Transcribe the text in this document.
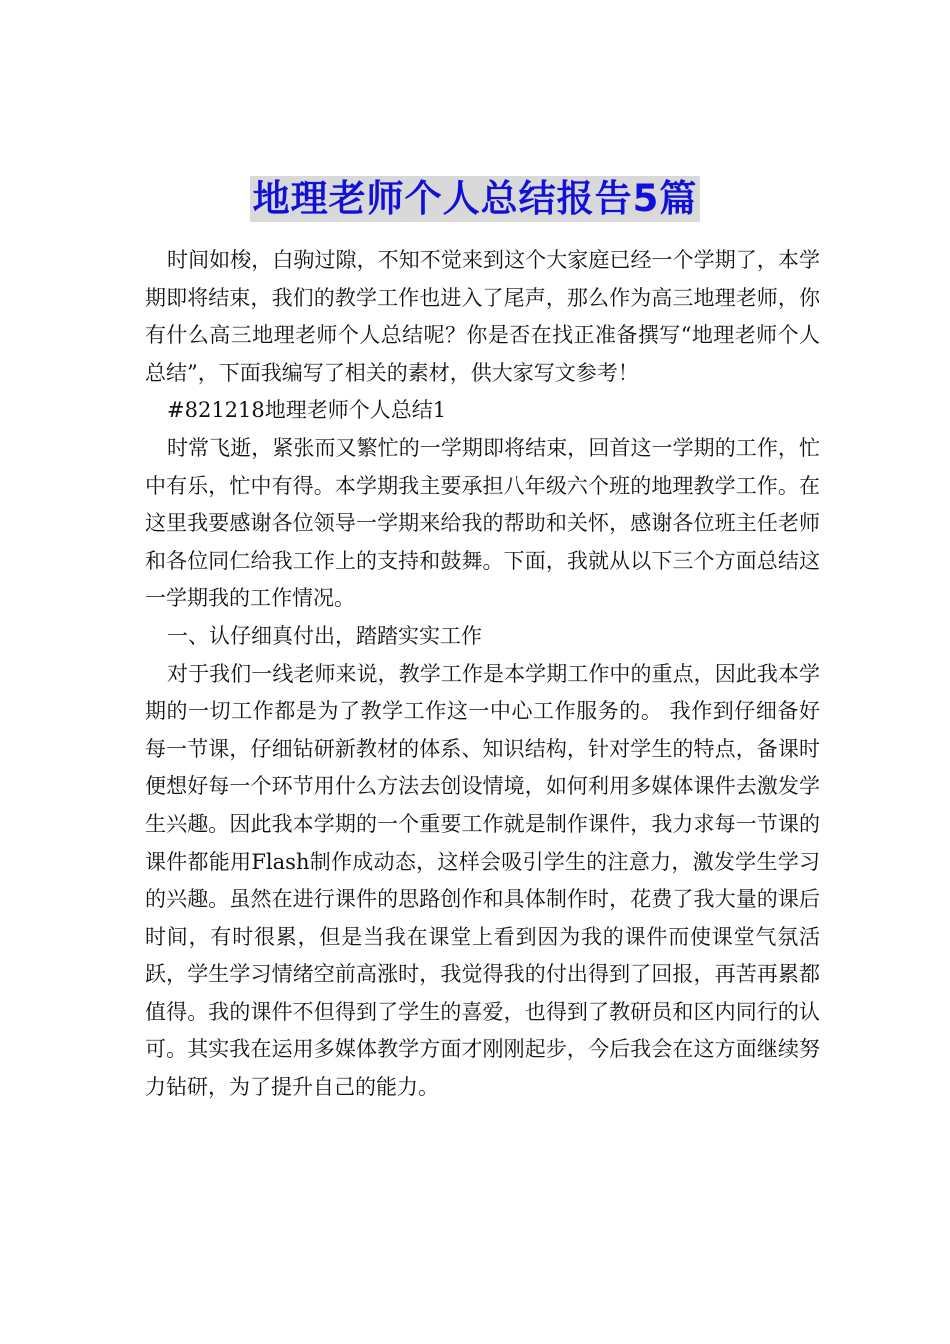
地理老师个人总结报告5篇

时间如梭，白驹过隙，不知不觉来到这个大家庭已经一个学期了，本学期即将结束，我们的教学工作也进入了尾声，那么作为高三地理老师，你有什么高三地理老师个人总结呢？你是否在找正准备撰写“地理老师个人总结”，下面我编写了相关的素材，供大家写文参考！

#821218地理老师个人总结1

时常飞逝，紧张而又繁忙的一学期即将结束，回首这一学期的工作，忙中有乐，忙中有得。本学期我主要承担八年级六个班的地理教学工作。在这里我要感谢各位领导一学期来给我的帮助和关怀，感谢各位班主任老师和各位同仁给我工作上的支持和鼓舞。下面，我就从以下三个方面总结这一学期我的工作情况。

一、认仔细真付出，踏踏实实工作

对于我们一线老师来说，教学工作是本学期工作中的重点，因此我本学期的一切工作都是为了教学工作这一中心工作服务的。 我作到仔细备好每一节课，仔细钻研新教材的体系、知识结构，针对学生的特点，备课时便想好每一个环节用什么方法去创设情境，如何利用多媒体课件去激发学生兴趣。因此我本学期的一个重要工作就是制作课件，我力求每一节课的课件都能用Flash制作成动态，这样会吸引学生的注意力，激发学生学习的兴趣。虽然在进行课件的思路创作和具体制作时，花费了我大量的课后时间，有时很累，但是当我在课堂上看到因为我的课件而使课堂气氛活跃，学生学习情绪空前高涨时，我觉得我的付出得到了回报，再苦再累都值得。我的课件不但得到了学生的喜爱，也得到了教研员和区内同行的认可。其实我在运用多媒体教学方面才刚刚起步，今后我会在这方面继续努力钻研，为了提升自己的能力。
